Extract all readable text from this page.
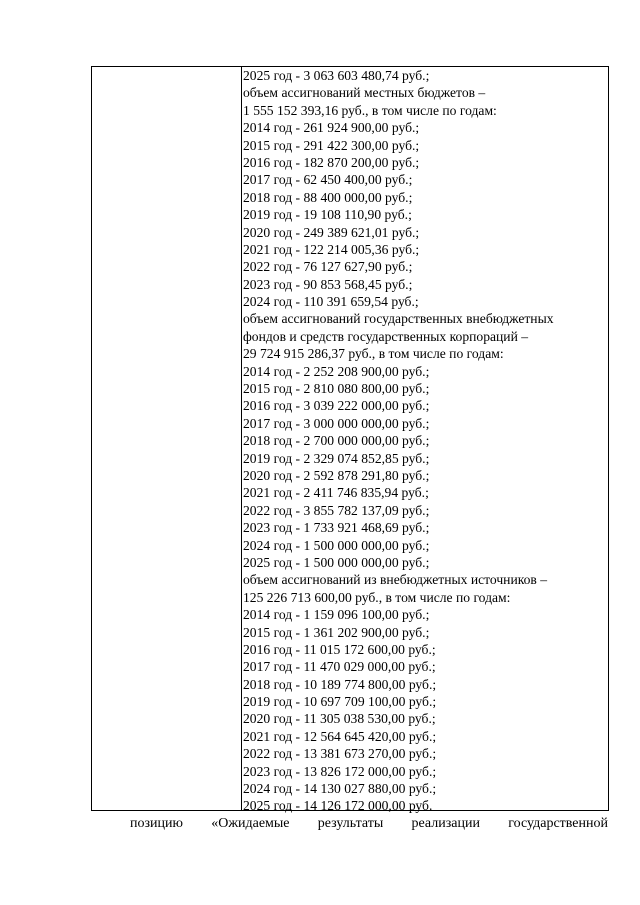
2025 год - 3 063 603 480,74 руб.;
объем ассигнований местных бюджетов –
1 555 152 393,16 руб., в том числе по годам:
2014 год - 261 924 900,00 руб.;
2015 год - 291 422 300,00 руб.;
2016 год - 182 870 200,00 руб.;
2017 год - 62 450 400,00 руб.;
2018 год - 88 400 000,00 руб.;
2019 год - 19 108 110,90 руб.;
2020 год - 249 389 621,01 руб.;
2021 год - 122 214 005,36 руб.;
2022 год - 76 127 627,90 руб.;
2023 год - 90 853 568,45 руб.;
2024 год - 110 391 659,54 руб.;
объем ассигнований государственных внебюджетных
фондов и средств государственных корпораций –
29 724 915 286,37 руб., в том числе по годам:
2014 год - 2 252 208 900,00 руб.;
2015 год - 2 810 080 800,00 руб.;
2016 год - 3 039 222 000,00 руб.;
2017 год - 3 000 000 000,00 руб.;
2018 год - 2 700 000 000,00 руб.;
2019 год - 2 329 074 852,85 руб.;
2020 год - 2 592 878 291,80 руб.;
2021 год - 2 411 746 835,94 руб.;
2022 год - 3 855 782 137,09 руб.;
2023 год - 1 733 921 468,69 руб.;
2024 год - 1 500 000 000,00 руб.;
2025 год - 1 500 000 000,00 руб.;
объем ассигнований из внебюджетных источников –
125 226 713 600,00 руб., в том числе по годам:
2014 год - 1 159 096 100,00 руб.;
2015 год - 1 361 202 900,00 руб.;
2016 год - 11 015 172 600,00 руб.;
2017 год - 11 470 029 000,00 руб.;
2018 год - 10 189 774 800,00 руб.;
2019 год - 10 697 709 100,00 руб.;
2020 год - 11 305 038 530,00 руб.;
2021 год - 12 564 645 420,00 руб.;
2022 год - 13 381 673 270,00 руб.;
2023 год - 13 826 172 000,00 руб.;
2024 год - 14 130 027 880,00 руб.;
2025 год - 14 126 172 000,00 руб.
позицию «Ожидаемые результаты реализации государственной
